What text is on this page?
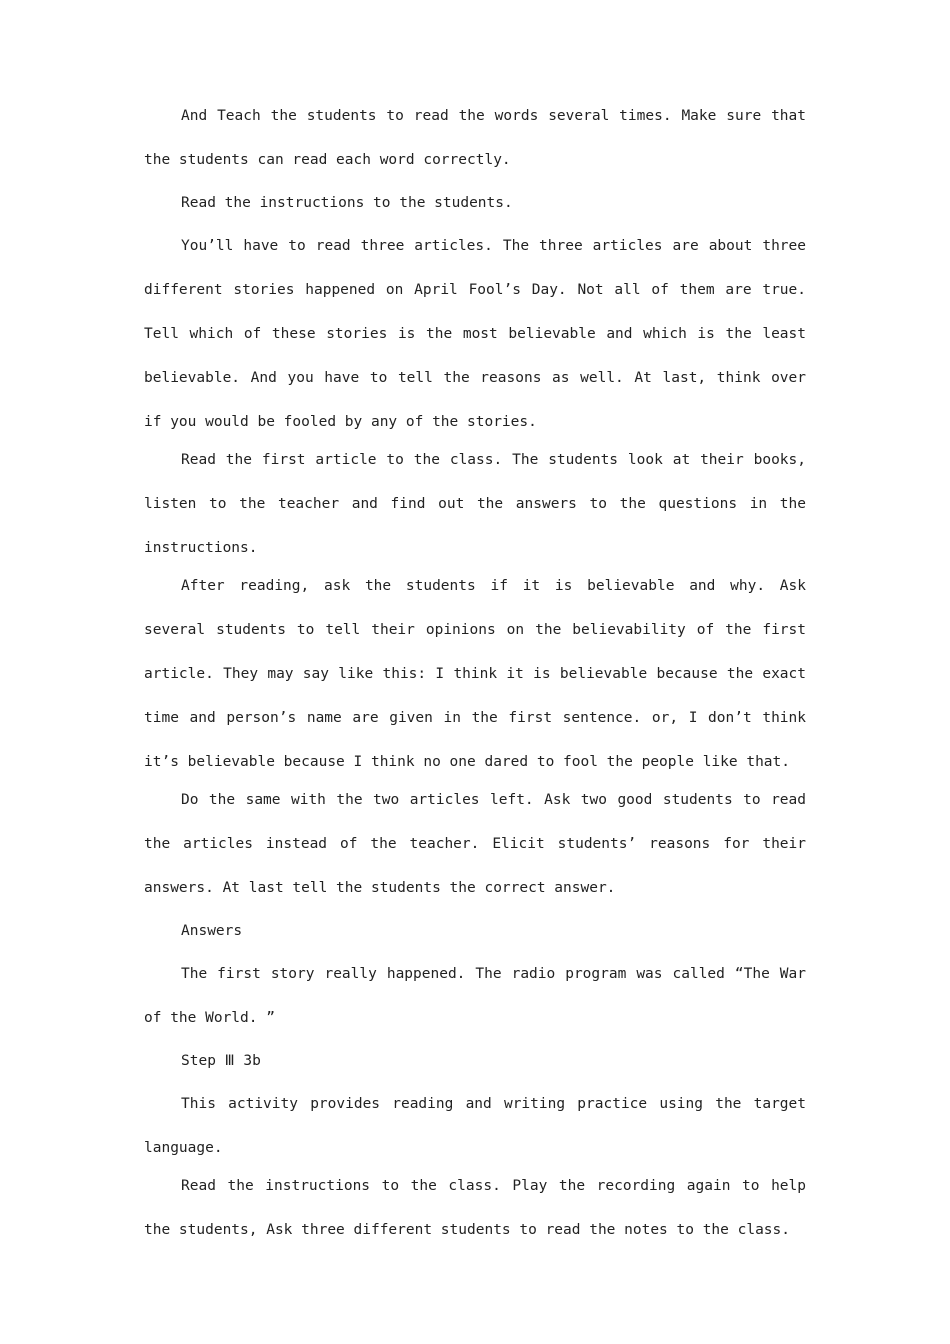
And Teach the students to read the words several times. Make sure that the students can read each word correctly.

Read the instructions to the students.

You’ll have to read three articles. The three articles are about three different stories happened on April Fool’s Day. Not all of them are true. Tell which of these stories is the most believable and which is the least believable. And you have to tell the reasons as well. At last, think over if you would be fooled by any of the stories.

Read the first article to the class. The students look at their books, listen to the teacher and find out the answers to the questions in the instructions.

After reading, ask the students if it is believable and why. Ask several students to tell their opinions on the believability of the first article. They may say like this: I think it is believable because the exact time and person’s name are given in the first sentence. or, I don’t think it’s believable because I think no one dared to fool the people like that.

Do the same with the two articles left. Ask two good students to read the articles instead of the teacher. Elicit students’ reasons for their answers. At last tell the students the correct answer.

Answers

The first story really happened. The radio program was called “The War of the World. ”

Step Ⅲ 3b

This activity provides reading and writing practice using the target language.

Read the instructions to the class. Play the recording again to help the students, Ask three different students to read the notes to the class.
